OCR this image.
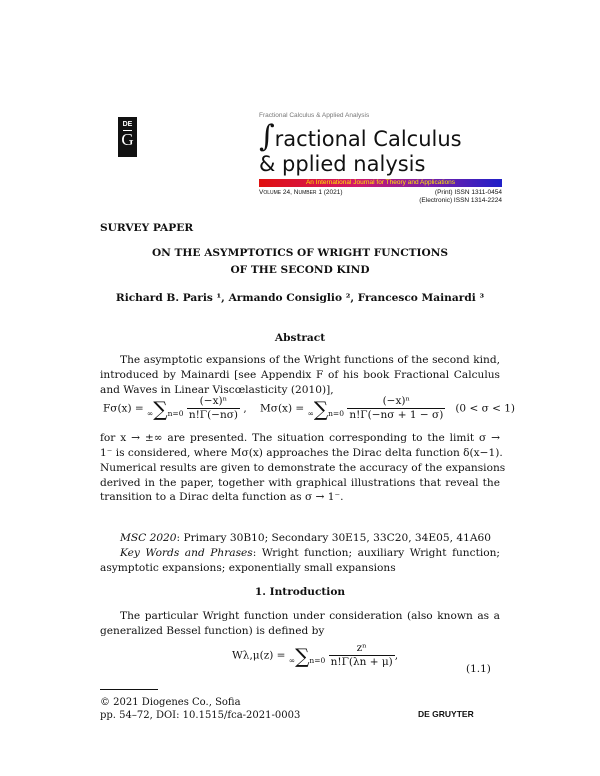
DE
G
Fractional Calculus & Applied Analysis
∫ractional Calculus
& pplied nalysis
An International Journal for Theory and Applications
Volume 24, Number 1 (2021)	(Print) ISSN 1311-0454
(Electronic) ISSN 1314-2224
SURVEY PAPER
ON THE ASYMPTOTICS OF WRIGHT FUNCTIONS
OF THE SECOND KIND
Richard B. Paris ¹, Armando Consiglio ², Francesco Mainardi ³
Abstract
The asymptotic expansions of the Wright functions of the second kind,
introduced by Mainardi [see Appendix F of his book Fractional Calculus
and Waves in Linear Viscœlasticity (2010)],
$F\sigma(x) = \infty\sum n=0 \frac{\text{(−x)ⁿ}}{n!\Gamma(-n\sigma)}$ ,    $M\sigma(x) = \infty\sum n=0 \frac{\text{(−x)ⁿ}}{n!\Gamma(-n\sigma + 1 - \sigma)} (0 < \sigma < 1)$
for x → ±∞ are presented. The situation corresponding to the limit σ →
1⁻ is considered, where Mσ(x) approaches the Dirac delta function δ(x−1).
Numerical results are given to demonstrate the accuracy of the expansions
derived in the paper, together with graphical illustrations that reveal the
transition to a Dirac delta function as σ → 1⁻.
MSC 2020: Primary 30B10; Secondary 30E15, 33C20, 34E05, 41A60
Key Words and Phrases: Wright function; auxiliary Wright function;
asymptotic expansions; exponentially small expansions
1. Introduction
The particular Wright function under consideration (also known as a
generalized Bessel function) is defined by
$W\lambda,\mu(z) = \infty\sum n=0 \frac{\text{zⁿ}}{n!\Gamma(\lambda n + \mu)}$ ,
(1.1)
© 2021 Diogenes Co., Sofia
pp. 54–72, DOI: 10.1515/fca-2021-0003	DE GRUYTER
